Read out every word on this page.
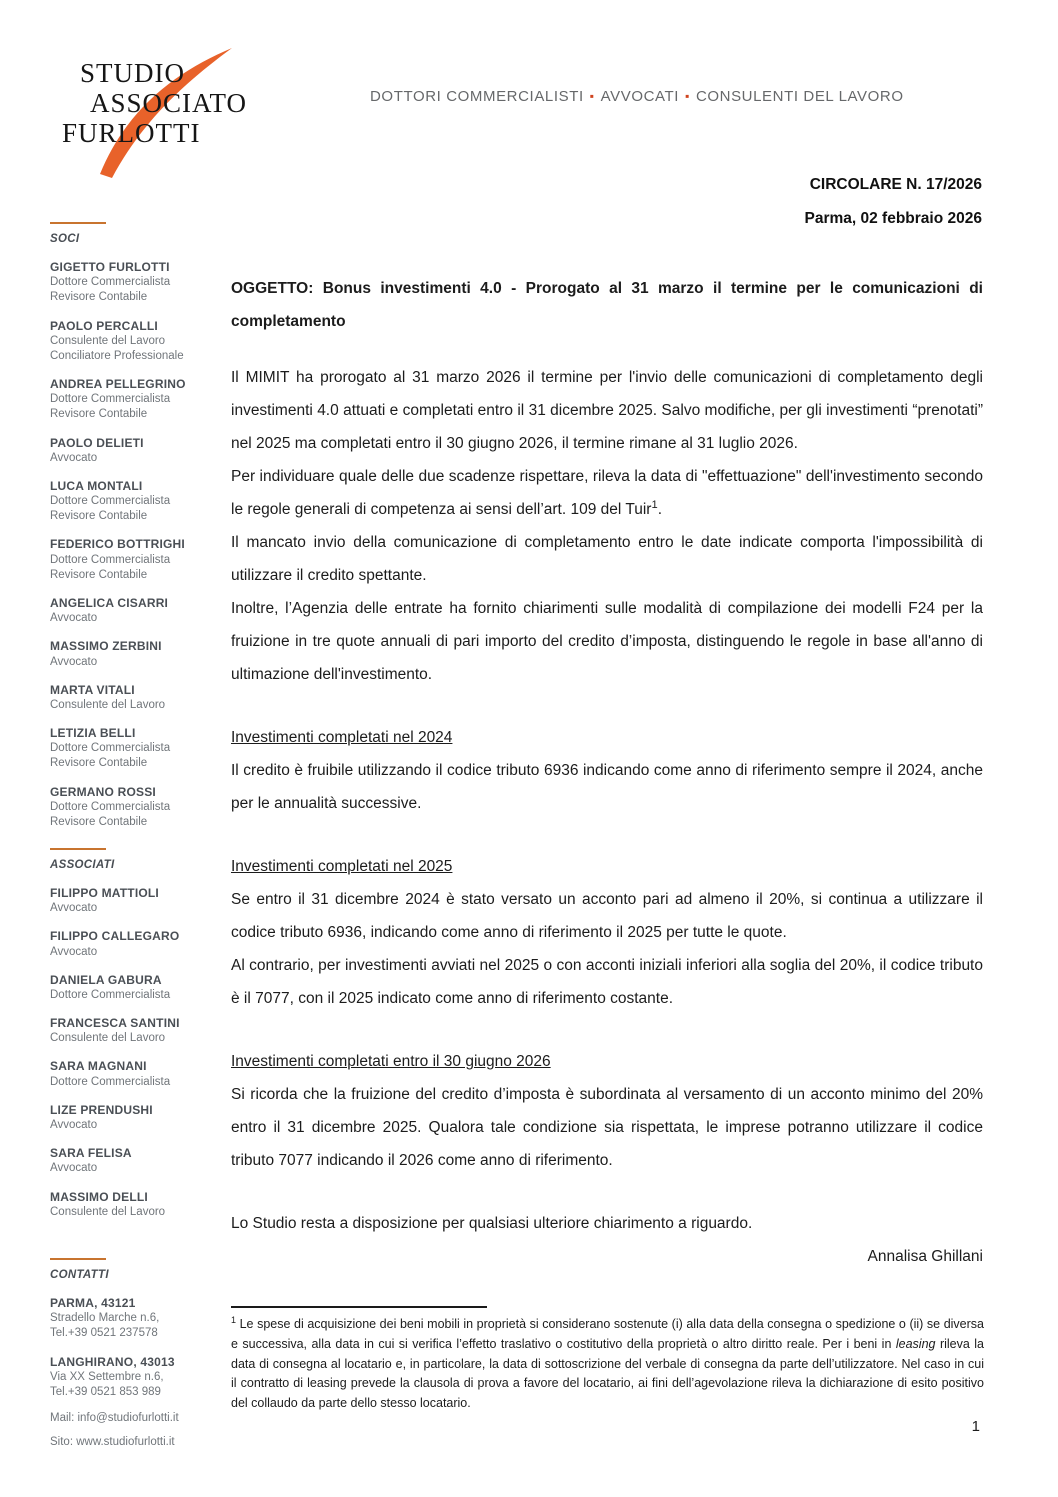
STUDIO
ASSOCIATO
FURLOTTI
DOTTORI COMMERCIALISTI ▪ AVVOCATI ▪ CONSULENTI DEL LAVORO
CIRCOLARE N. 17/2026
Parma, 02 febbraio 2026
SOCI
GIGETTO FURLOTTI
Dottore Commercialista
Revisore Contabile
PAOLO PERCALLI
Consulente del Lavoro
Conciliatore Professionale
ANDREA PELLEGRINO
Dottore Commercialista
Revisore Contabile
PAOLO DELIETI
Avvocato
LUCA MONTALI
Dottore Commercialista
Revisore Contabile
FEDERICO BOTTRIGHI
Dottore Commercialista
Revisore Contabile
ANGELICA CISARRI
Avvocato
MASSIMO ZERBINI
Avvocato
MARTA VITALI
Consulente del Lavoro
LETIZIA BELLI
Dottore Commercialista
Revisore Contabile
GERMANO ROSSI
Dottore Commercialista
Revisore Contabile
ASSOCIATI
FILIPPO MATTIOLI
Avvocato
FILIPPO CALLEGARO
Avvocato
DANIELA GABURA
Dottore Commercialista
FRANCESCA SANTINI
Consulente del Lavoro
SARA MAGNANI
Dottore Commercialista
LIZE PRENDUSHI
Avvocato
SARA FELISA
Avvocato
MASSIMO DELLI
Consulente del Lavoro
CONTATTI
PARMA, 43121
Stradello Marche n.6,
Tel.+39 0521 237578
LANGHIRANO, 43013
Via XX Settembre n.6,
Tel.+39 0521 853 989
Mail: info@studiofurlotti.it
Sito: www.studiofurlotti.it

OGGETTO: Bonus investimenti 4.0 - Prorogato al 31 marzo il termine per le comunicazioni di completamento

Il MIMIT ha prorogato al 31 marzo 2026 il termine per l'invio delle comunicazioni di completamento degli investimenti 4.0 attuati e completati entro il 31 dicembre 2025. Salvo modifiche, per gli investimenti “prenotati” nel 2025 ma completati entro il 30 giugno 2026, il termine rimane al 31 luglio 2026.

Per individuare quale delle due scadenze rispettare, rileva la data di "effettuazione" dell'investimento secondo le regole generali di competenza ai sensi dell’art. 109 del Tuir$^1$.

Il mancato invio della comunicazione di completamento entro le date indicate comporta l'impossibilità di utilizzare il credito spettante.

Inoltre, l’Agenzia delle entrate ha fornito chiarimenti sulle modalità di compilazione dei modelli F24 per la fruizione in tre quote annuali di pari importo del credito d’imposta, distinguendo le regole in base all'anno di ultimazione dell'investimento.

Investimenti completati nel 2024

Il credito è fruibile utilizzando il codice tributo 6936 indicando come anno di riferimento sempre il 2024, anche per le annualità successive.

Investimenti completati nel 2025

Se entro il 31 dicembre 2024 è stato versato un acconto pari ad almeno il 20%, si continua a utilizzare il codice tributo 6936, indicando come anno di riferimento il 2025 per tutte le quote.

Al contrario, per investimenti avviati nel 2025 o con acconti iniziali inferiori alla soglia del 20%, il codice tributo è il 7077, con il 2025 indicato come anno di riferimento costante.

Investimenti completati entro il 30 giugno 2026

Si ricorda che la fruizione del credito d’imposta è subordinata al versamento di un acconto minimo del 20% entro il 31 dicembre 2025. Qualora tale condizione sia rispettata, le imprese potranno utilizzare il codice tributo 7077 indicando il 2026 come anno di riferimento.

Lo Studio resta a disposizione per qualsiasi ulteriore chiarimento a riguardo.

Annalisa Ghillani

$^1$ Le spese di acquisizione dei beni mobili in proprietà si considerano sostenute (i) alla data della consegna o spedizione o (ii) se diversa e successiva, alla data in cui si verifica l’effetto traslativo o costitutivo della proprietà o altro diritto reale. Per i beni in leasing rileva la data di consegna al locatario e, in particolare, la data di sottoscrizione del verbale di consegna da parte dell’utilizzatore. Nel caso in cui il contratto di leasing prevede la clausola di prova a favore del locatario, ai fini dell’agevolazione rileva la dichiarazione di esito positivo del collaudo da parte dello stesso locatario.

1
